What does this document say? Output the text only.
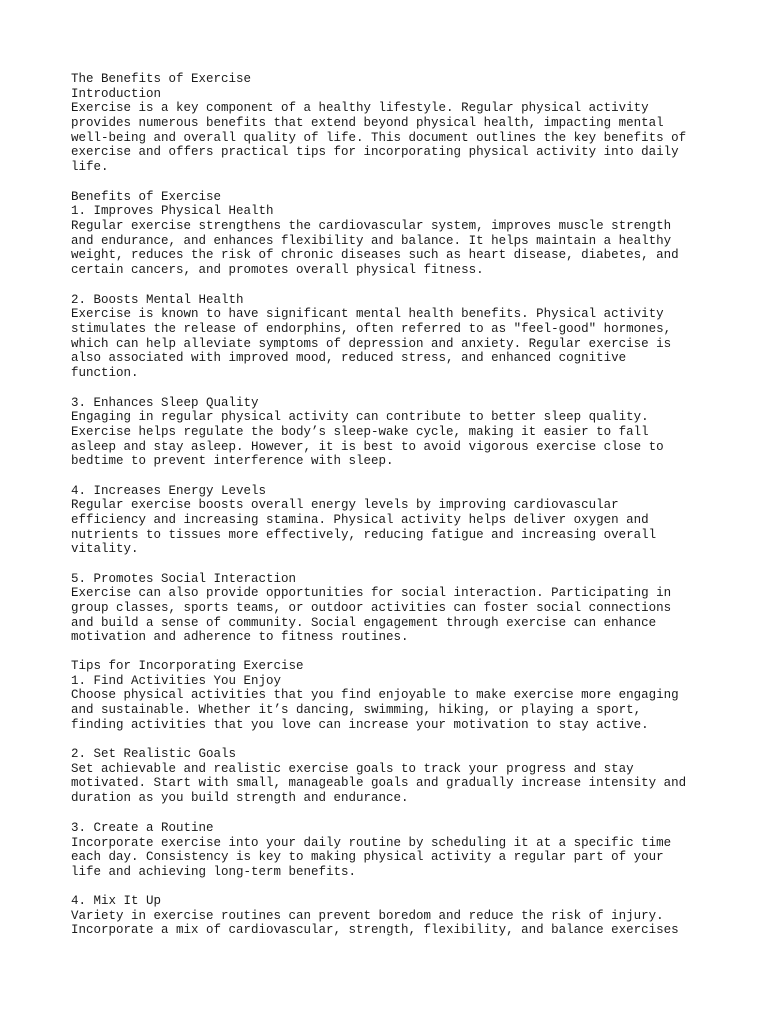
The Benefits of Exercise
Introduction
Exercise is a key component of a healthy lifestyle. Regular physical activity
provides numerous benefits that extend beyond physical health, impacting mental
well-being and overall quality of life. This document outlines the key benefits of
exercise and offers practical tips for incorporating physical activity into daily
life.
Benefits of Exercise
1. Improves Physical Health
Regular exercise strengthens the cardiovascular system, improves muscle strength
and endurance, and enhances flexibility and balance. It helps maintain a healthy
weight, reduces the risk of chronic diseases such as heart disease, diabetes, and
certain cancers, and promotes overall physical fitness.
2. Boosts Mental Health
Exercise is known to have significant mental health benefits. Physical activity
stimulates the release of endorphins, often referred to as "feel-good" hormones,
which can help alleviate symptoms of depression and anxiety. Regular exercise is
also associated with improved mood, reduced stress, and enhanced cognitive
function.
3. Enhances Sleep Quality
Engaging in regular physical activity can contribute to better sleep quality.
Exercise helps regulate the body’s sleep-wake cycle, making it easier to fall
asleep and stay asleep. However, it is best to avoid vigorous exercise close to
bedtime to prevent interference with sleep.
4. Increases Energy Levels
Regular exercise boosts overall energy levels by improving cardiovascular
efficiency and increasing stamina. Physical activity helps deliver oxygen and
nutrients to tissues more effectively, reducing fatigue and increasing overall
vitality.
5. Promotes Social Interaction
Exercise can also provide opportunities for social interaction. Participating in
group classes, sports teams, or outdoor activities can foster social connections
and build a sense of community. Social engagement through exercise can enhance
motivation and adherence to fitness routines.
Tips for Incorporating Exercise
1. Find Activities You Enjoy
Choose physical activities that you find enjoyable to make exercise more engaging
and sustainable. Whether it’s dancing, swimming, hiking, or playing a sport,
finding activities that you love can increase your motivation to stay active.
2. Set Realistic Goals
Set achievable and realistic exercise goals to track your progress and stay
motivated. Start with small, manageable goals and gradually increase intensity and
duration as you build strength and endurance.
3. Create a Routine
Incorporate exercise into your daily routine by scheduling it at a specific time
each day. Consistency is key to making physical activity a regular part of your
life and achieving long-term benefits.
4. Mix It Up
Variety in exercise routines can prevent boredom and reduce the risk of injury.
Incorporate a mix of cardiovascular, strength, flexibility, and balance exercises
